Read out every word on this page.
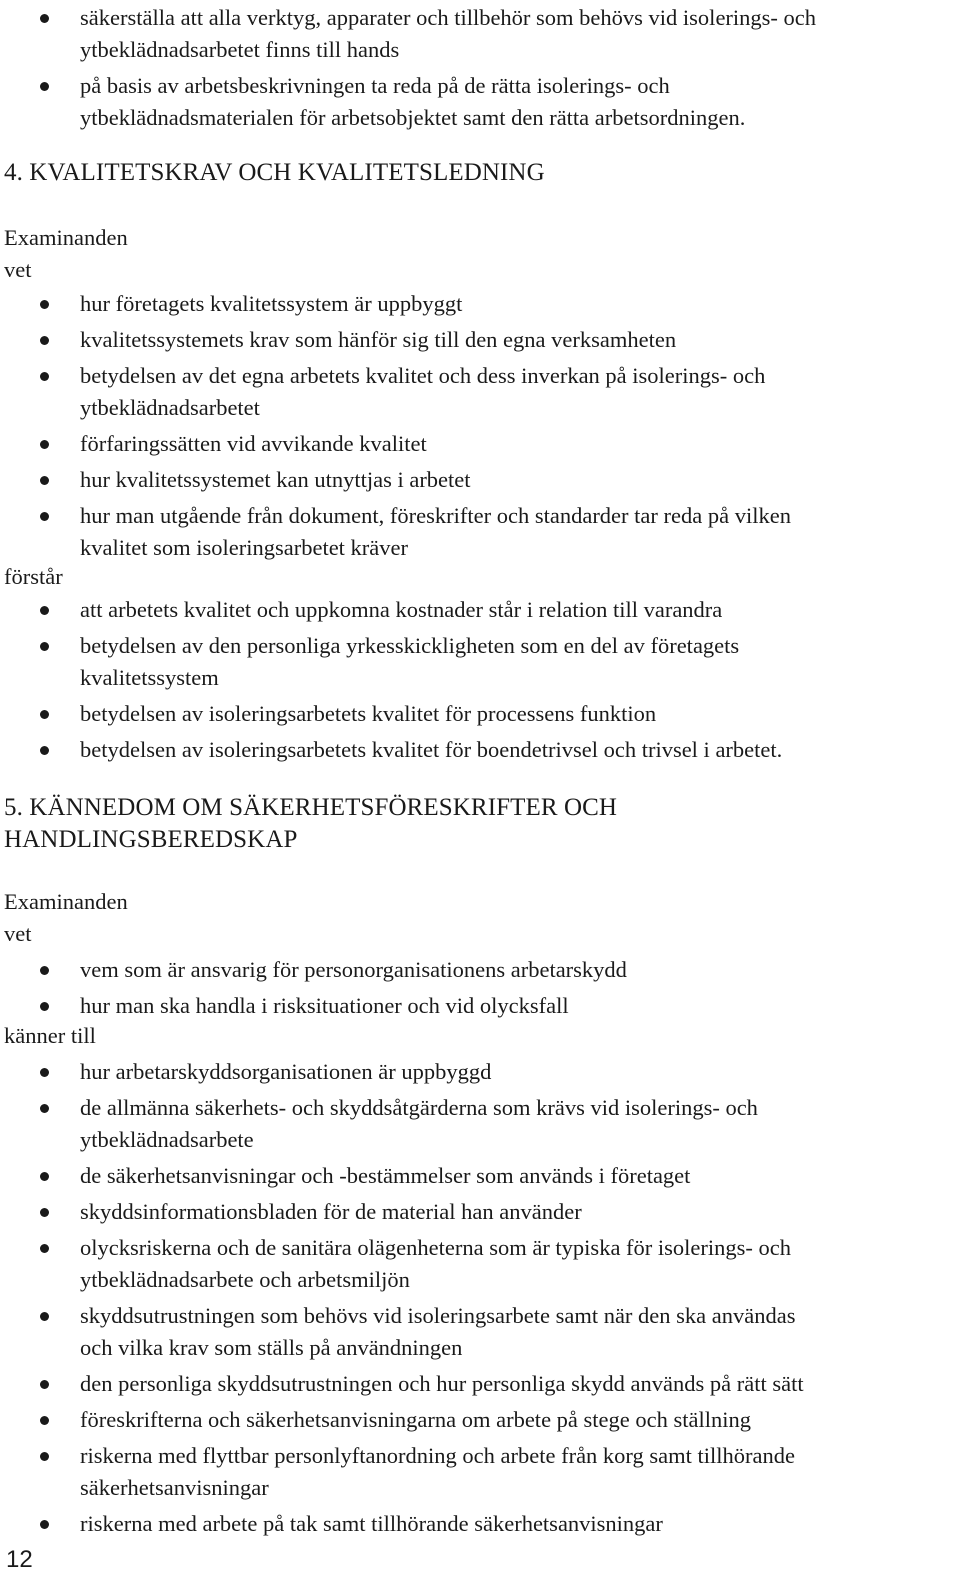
säkerställa att alla verktyg, apparater och tillbehör som behövs vid isolerings- och
ytbeklädnadsarbetet finns till hands
på basis av arbetsbeskrivningen ta reda på de rätta isolerings- och
ytbeklädnadsmaterialen för arbetsobjektet samt den rätta arbetsordningen.
4. KVALITETSKRAV OCH KVALITETSLEDNING
Examinanden
vet
hur företagets kvalitetssystem är uppbyggt
kvalitetssystemets krav som hänför sig till den egna verksamheten
betydelsen av det egna arbetets kvalitet och dess inverkan på isolerings- och
ytbeklädnadsarbetet
förfaringssätten vid avvikande kvalitet
hur kvalitetssystemet kan utnyttjas i arbetet
hur man utgående från dokument, föreskrifter och standarder tar reda på vilken
kvalitet som isoleringsarbetet kräver
förstår
att arbetets kvalitet och uppkomna kostnader står i relation till varandra
betydelsen av den personliga yrkesskickligheten som en del av företagets
kvalitetssystem
betydelsen av isoleringsarbetets kvalitet för processens funktion
betydelsen av isoleringsarbetets kvalitet för boendetrivsel och trivsel i arbetet.
5. KÄNNEDOM OM SÄKERHETSFÖRESKRIFTER OCH
HANDLINGSBEREDSKAP
Examinanden
vet
vem som är ansvarig för personorganisationens arbetarskydd
hur man ska handla i risksituationer och vid olycksfall
känner till
hur arbetarskyddsorganisationen är uppbyggd
de allmänna säkerhets- och skyddsåtgärderna som krävs vid isolerings- och
ytbeklädnadsarbete
de säkerhetsanvisningar och -bestämmelser som används i företaget
skyddsinformationsbladen för de material han använder
olycksriskerna och de sanitära olägenheterna som är typiska för isolerings- och
ytbeklädnadsarbete och arbetsmiljön
skyddsutrustningen som behövs vid isoleringsarbete samt när den ska användas
och vilka krav som ställs på användningen
den personliga skyddsutrustningen och hur personliga skydd används på rätt sätt
föreskrifterna och säkerhetsanvisningarna om arbete på stege och ställning
riskerna med flyttbar personlyftanordning och arbete från korg samt tillhörande
säkerhetsanvisningar
riskerna med arbete på tak samt tillhörande säkerhetsanvisningar
12
